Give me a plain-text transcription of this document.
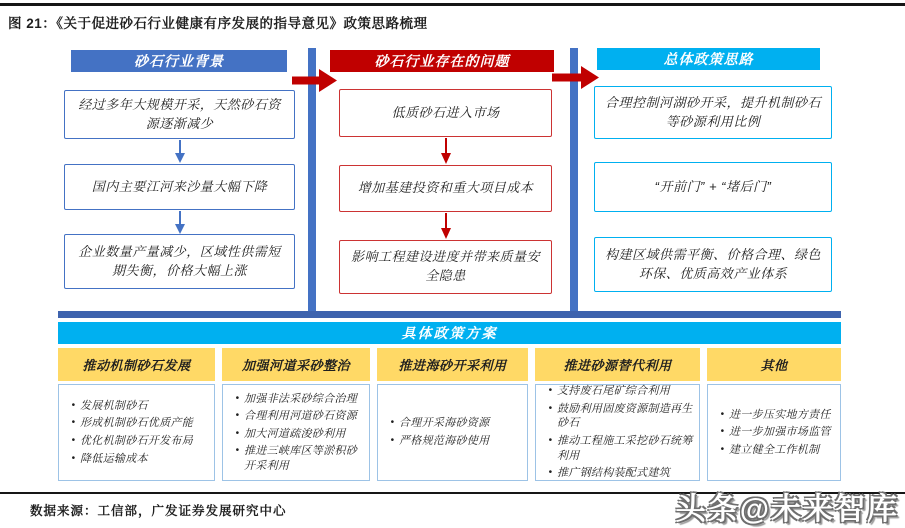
图 21：《关于促进砂石行业健康有序发展的指导意见》政策思路梳理
砂石行业背景	砂石行业存在的问题	总体政策思路
经过多年大规模开采，天然砂石资源逐渐减少
国内主要江河来沙量大幅下降
企业数量产量减少，区域性供需短期失衡，价格大幅上涨
低质砂石进入市场
增加基建投资和重大项目成本
影响工程建设进度并带来质量安全隐患
合理控制河湖砂开采，提升机制砂石等砂源利用比例
“开前门” + “堵后门”
构建区域供需平衡、价格合理、绿色环保、优质高效产业体系
具体政策方案
推动机制砂石发展	加强河道采砂整治	推进海砂开采利用	推进砂源替代利用	其他
• 发展机制砂石
• 形成机制砂石优质产能
• 优化机制砂石开发布局
• 降低运输成本
• 加强非法采砂综合治理
• 合理利用河道砂石资源
• 加大河道疏浚砂利用
• 推进三峡库区等淤积砂开采利用
• 合理开采海砂资源
• 严格规范海砂使用
• 支持废石尾矿综合利用
• 鼓励利用固废资源制造再生砂石
• 推动工程施工采挖砂石统筹利用
• 推广钢结构装配式建筑
• 进一步压实地方责任
• 进一步加强市场监管
• 建立健全工作机制
数据来源：工信部，广发证券发展研究中心	头条@未来智库
